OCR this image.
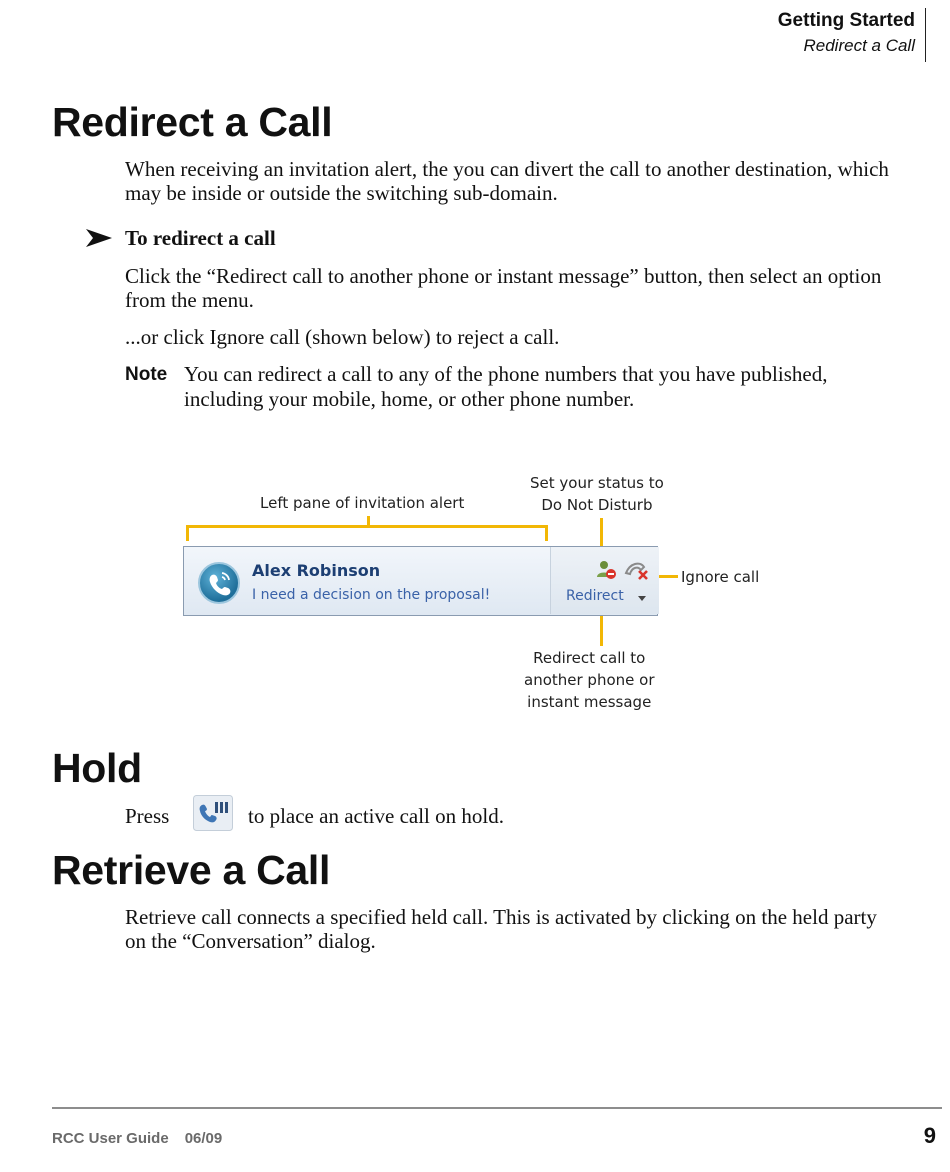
Getting Started
Redirect a Call
Redirect a Call

When receiving an invitation alert, the you can divert the call to another destination, which may be inside or outside the switching sub-domain.

To redirect a call

Click the “Redirect call to another phone or instant message” button, then select an option from the menu.

...or click Ignore call (shown below) to reject a call.

Note You can redirect a call to any of the phone numbers that you have published, including your mobile, home, or other phone number.
Left pane of invitation alert
Set your status to
Do Not Disturb
Ignore call
Redirect call to
another phone or
instant message
Alex Robinson
I need a decision on the proposal!	Redirect
Hold
Press	to place an active call on hold.
Retrieve a Call

Retrieve call connects a specified held call. This is activated by clicking on the held party on the “Conversation” dialog.

RCC User Guide 06/09	9
